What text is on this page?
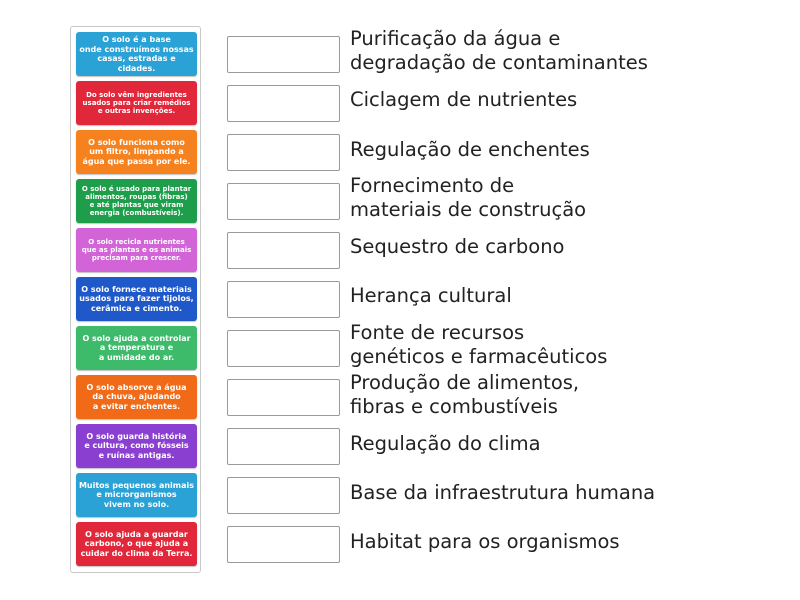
O solo é a base
onde construímos nossas
casas, estradas e cidades.
Do solo vêm ingredientes
usados para criar remédios
e outras invenções.
O solo funciona como
um filtro, limpando a
água que passa por ele.
O solo é usado para plantar
alimentos, roupas (fibras)
e até plantas que viram
energia (combustíveis).
O solo recicla nutrientes
que as plantas e os animais
precisam para crescer.
O solo fornece materiais
usados para fazer tijolos,
cerâmica e cimento.
O solo ajuda a controlar
a temperatura e
a umidade do ar.
O solo absorve a água
da chuva, ajudando
a evitar enchentes.
O solo guarda história
e cultura, como fósseis
e ruínas antigas.
Muitos pequenos animais
e microrganismos
vivem no solo.
O solo ajuda a guardar
carbono, o que ajuda a
cuidar do clima da Terra.
Purificação da água e
degradação de contaminantes
Ciclagem de nutrientes
Regulação de enchentes
Fornecimento de
materiais de construção
Sequestro de carbono
Herança cultural
Fonte de recursos
genéticos e farmacêuticos
Produção de alimentos,
fibras e combustíveis
Regulação do clima
Base da infraestrutura humana
Habitat para os organismos
